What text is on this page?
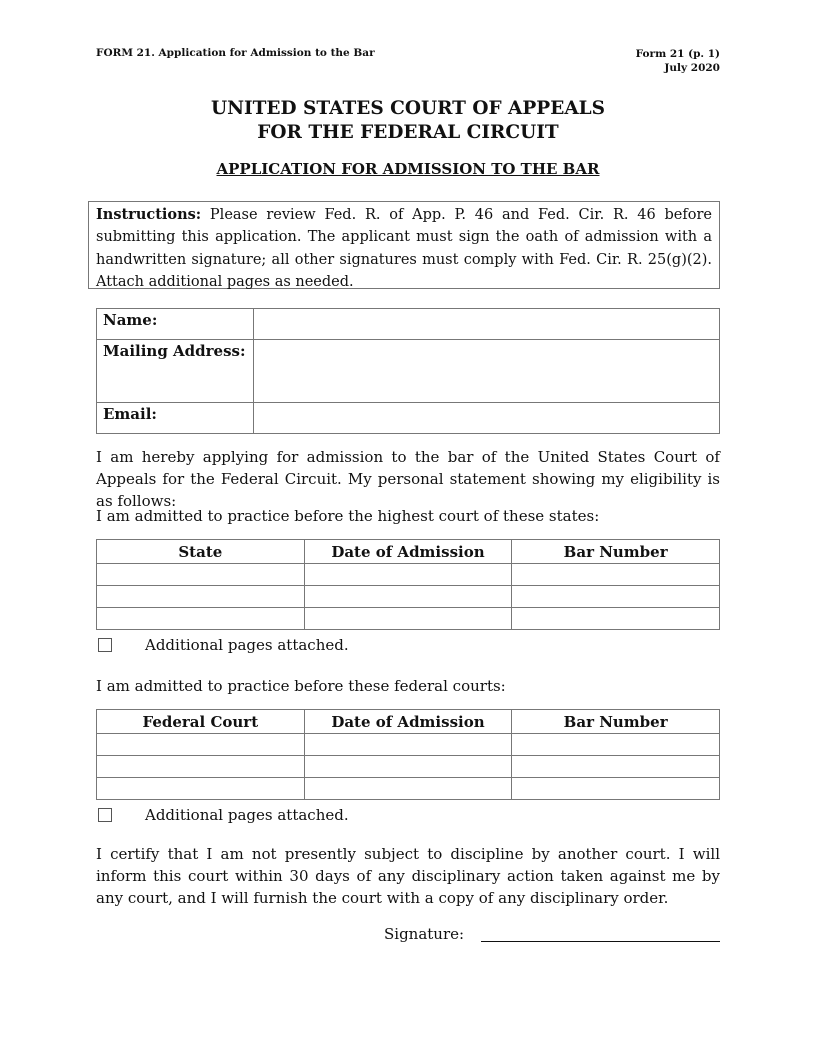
FORM 21. Application for Admission to the Bar	Form 21 (p. 1)
July 2020
UNITED STATES COURT OF APPEALS
FOR THE FEDERAL CIRCUIT
APPLICATION FOR ADMISSION TO THE BAR
Instructions: Please review Fed. R. of App. P. 46 and Fed. Cir. R. 46 before submitting this application. The applicant must sign the oath of admission with a handwritten signature; all other signatures must comply with Fed. Cir. R. 25(g)(2). Attach additional pages as needed.
Name:	
Mailing Address:	
Email:	
I am hereby applying for admission to the bar of the United States Court of Appeals for the Federal Circuit. My personal statement showing my eligibility is as follows:
I am admitted to practice before the highest court of these states:
State	Date of Admission	Bar Number

Additional pages attached.
I am admitted to practice before these federal courts:
Federal Court	Date of Admission	Bar Number

Additional pages attached.
I certify that I am not presently subject to discipline by another court. I will inform this court within 30 days of any disciplinary action taken against me by any court, and I will furnish the court with a copy of any disciplinary order.
Signature:
